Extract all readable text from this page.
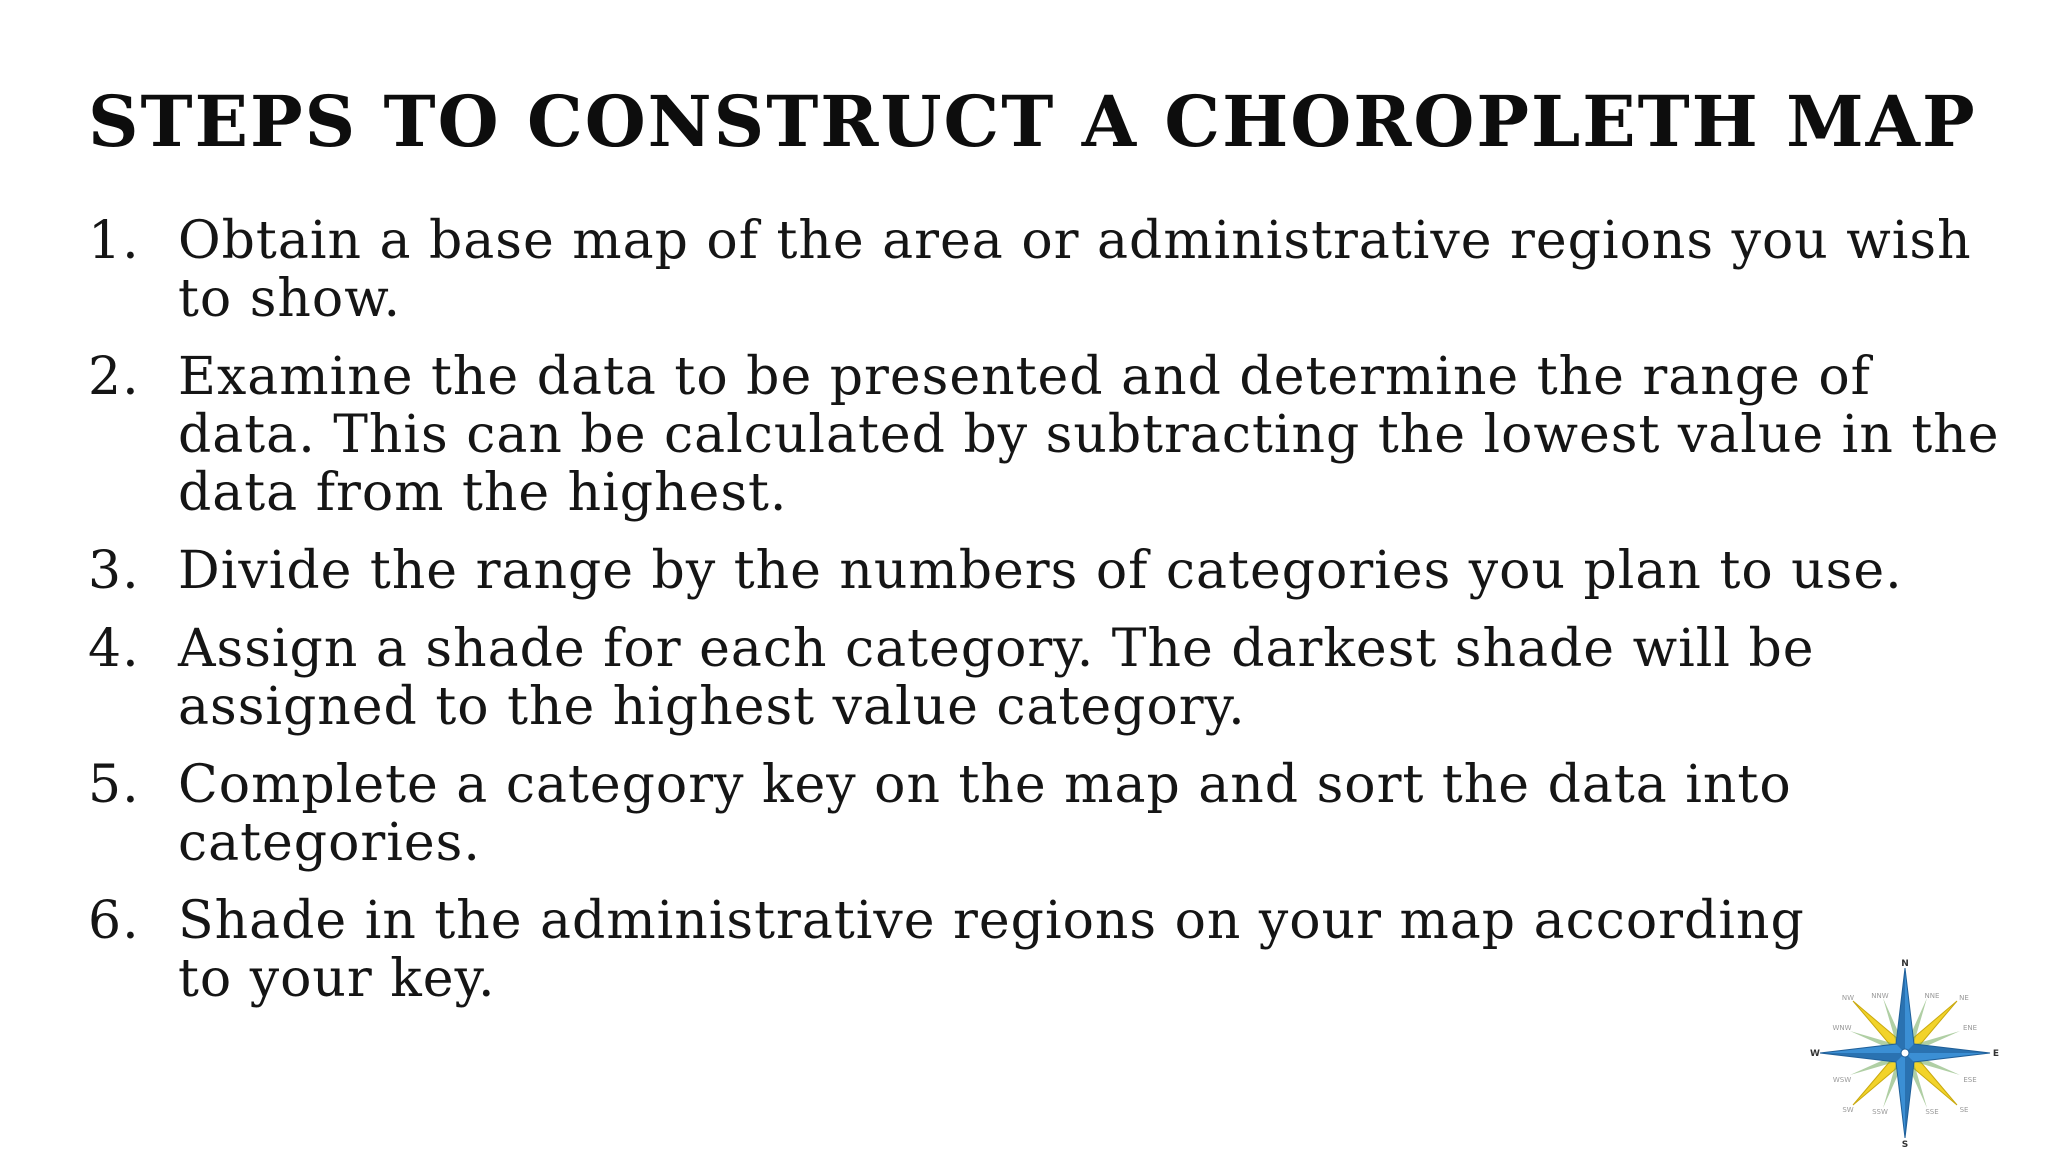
STEPS TO CONSTRUCT A CHOROPLETH MAP
1. Obtain a base map of the area or administrative regions you wish to show.
2. Examine the data to be presented and determine the range of data. This can be calculated by subtracting the lowest value in the data from the highest.
3. Divide the range by the numbers of categories you plan to use.
4. Assign a shade for each category. The darkest shade will be assigned to the highest value category.
5. Complete a category key on the map and sort the data into categories.
6. Shade in the administrative regions on your map according to your key.	N
E
S
W
NW NNW	NNE	NE
ENE
WNW
WSW	ESE
SW	SSW	SSE	SE
